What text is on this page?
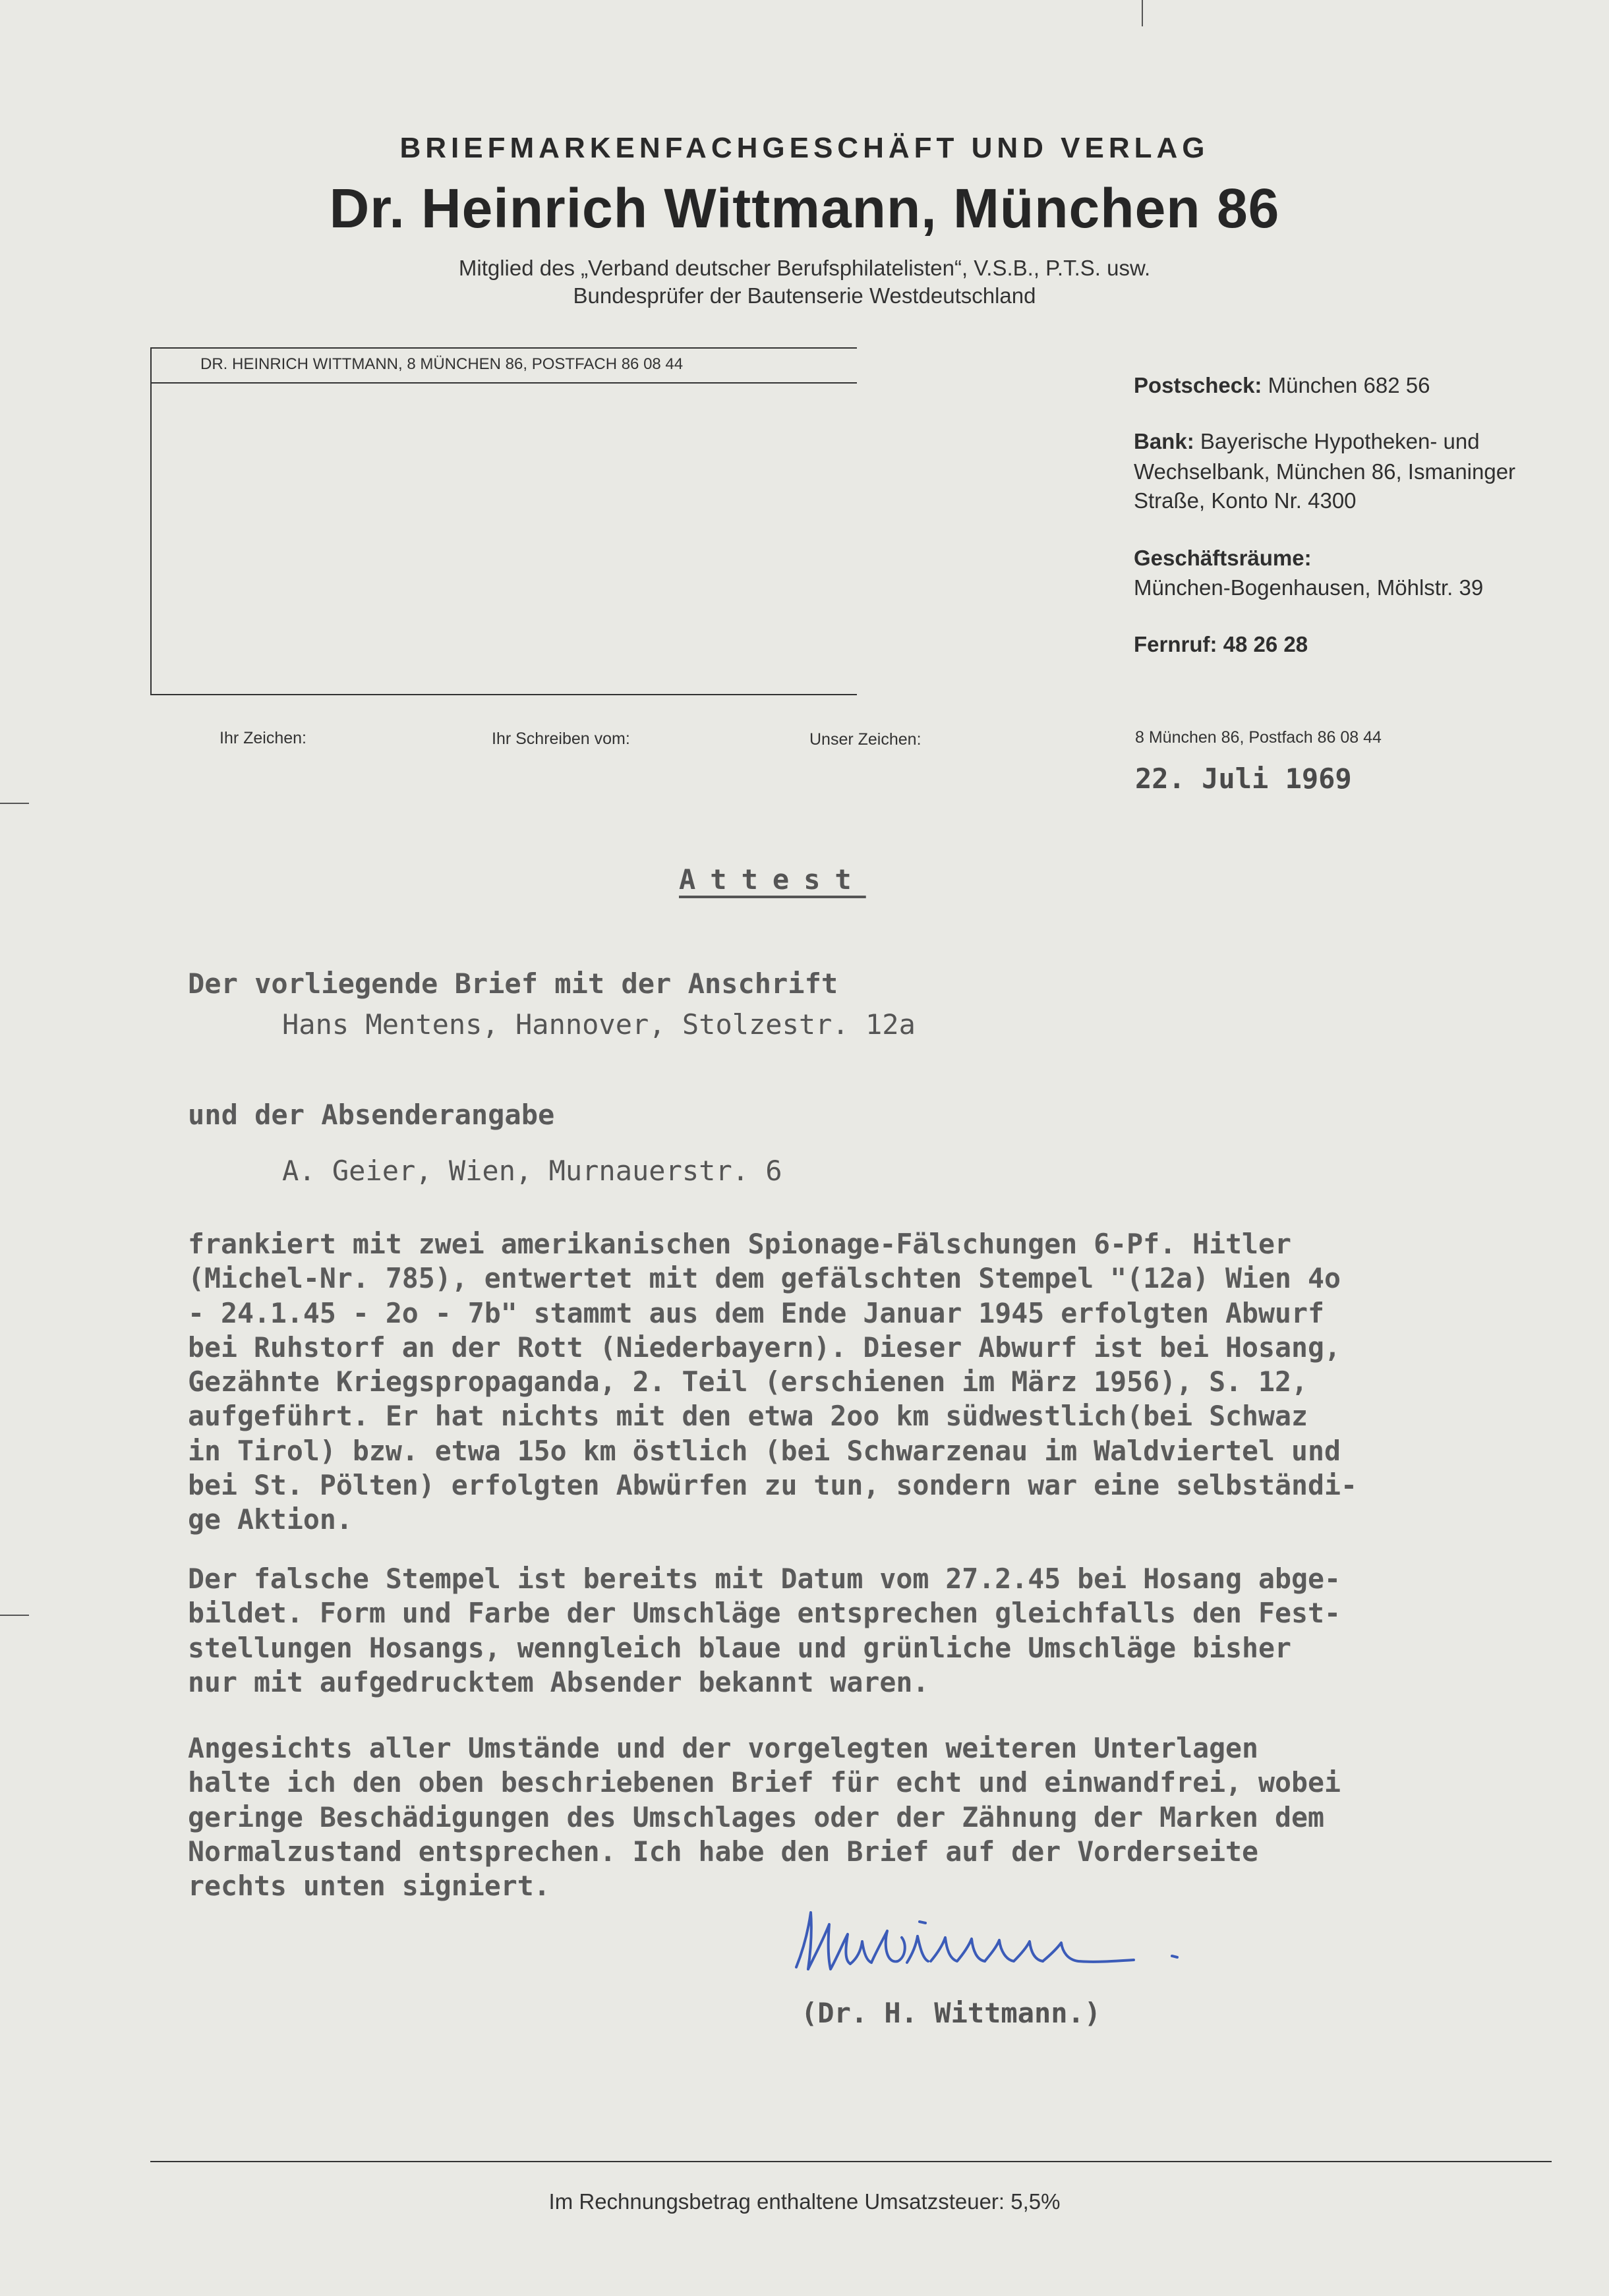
BRIEFMARKENFACHGESCHÄFT UND VERLAG
Dr. Heinrich Wittmann, München 86
Mitglied des „Verband deutscher Berufsphilatelisten“, V.S.B., P.T.S. usw.
Bundesprüfer der Bautenserie Westdeutschland
DR. HEINRICH WITTMANN, 8 MÜNCHEN 86, POSTFACH 86 08 44
Postscheck: München 682 56
Bank: Bayerische Hypotheken- und
Wechselbank, München 86, Ismaninger
Straße, Konto Nr. 4300
Geschäftsräume:
München-Bogenhausen, Möhlstr. 39
Fernruf: 48 26 28
Ihr Zeichen:	Ihr Schreiben vom:	Unser Zeichen:	8 München 86, Postfach 86 08 44
22. Juli 1969
Attest
Der vorliegende Brief mit der Anschrift
Hans Mentens, Hannover, Stolzestr. 12a
und der Absenderangabe
A. Geier, Wien, Murnauerstr. 6
frankiert mit zwei amerikanischen Spionage-Fälschungen 6-Pf. Hitler
(Michel-Nr. 785), entwertet mit dem gefälschten Stempel "(12a) Wien 4o
- 24.1.45 - 2o - 7b" stammt aus dem Ende Januar 1945 erfolgten Abwurf
bei Ruhstorf an der Rott (Niederbayern). Dieser Abwurf ist bei Hosang,
Gezähnte Kriegspropaganda, 2. Teil (erschienen im März 1956), S. 12,
aufgeführt. Er hat nichts mit den etwa 2oo km südwestlich(bei Schwaz
in Tirol) bzw. etwa 15o km östlich (bei Schwarzenau im Waldviertel und
bei St. Pölten) erfolgten Abwürfen zu tun, sondern war eine selbständi-
ge Aktion.
Der falsche Stempel ist bereits mit Datum vom 27.2.45 bei Hosang abge-
bildet. Form und Farbe der Umschläge entsprechen gleichfalls den Fest-
stellungen Hosangs, wenngleich blaue und grünliche Umschläge bisher
nur mit aufgedrucktem Absender bekannt waren.
Angesichts aller Umstände und der vorgelegten weiteren Unterlagen
halte ich den oben beschriebenen Brief für echt und einwandfrei, wobei
geringe Beschädigungen des Umschlages oder der Zähnung der Marken dem
Normalzustand entsprechen. Ich habe den Brief auf der Vorderseite
rechts unten signiert.
(Dr. H. Wittmann.)
Im Rechnungsbetrag enthaltene Umsatzsteuer: 5,5%
